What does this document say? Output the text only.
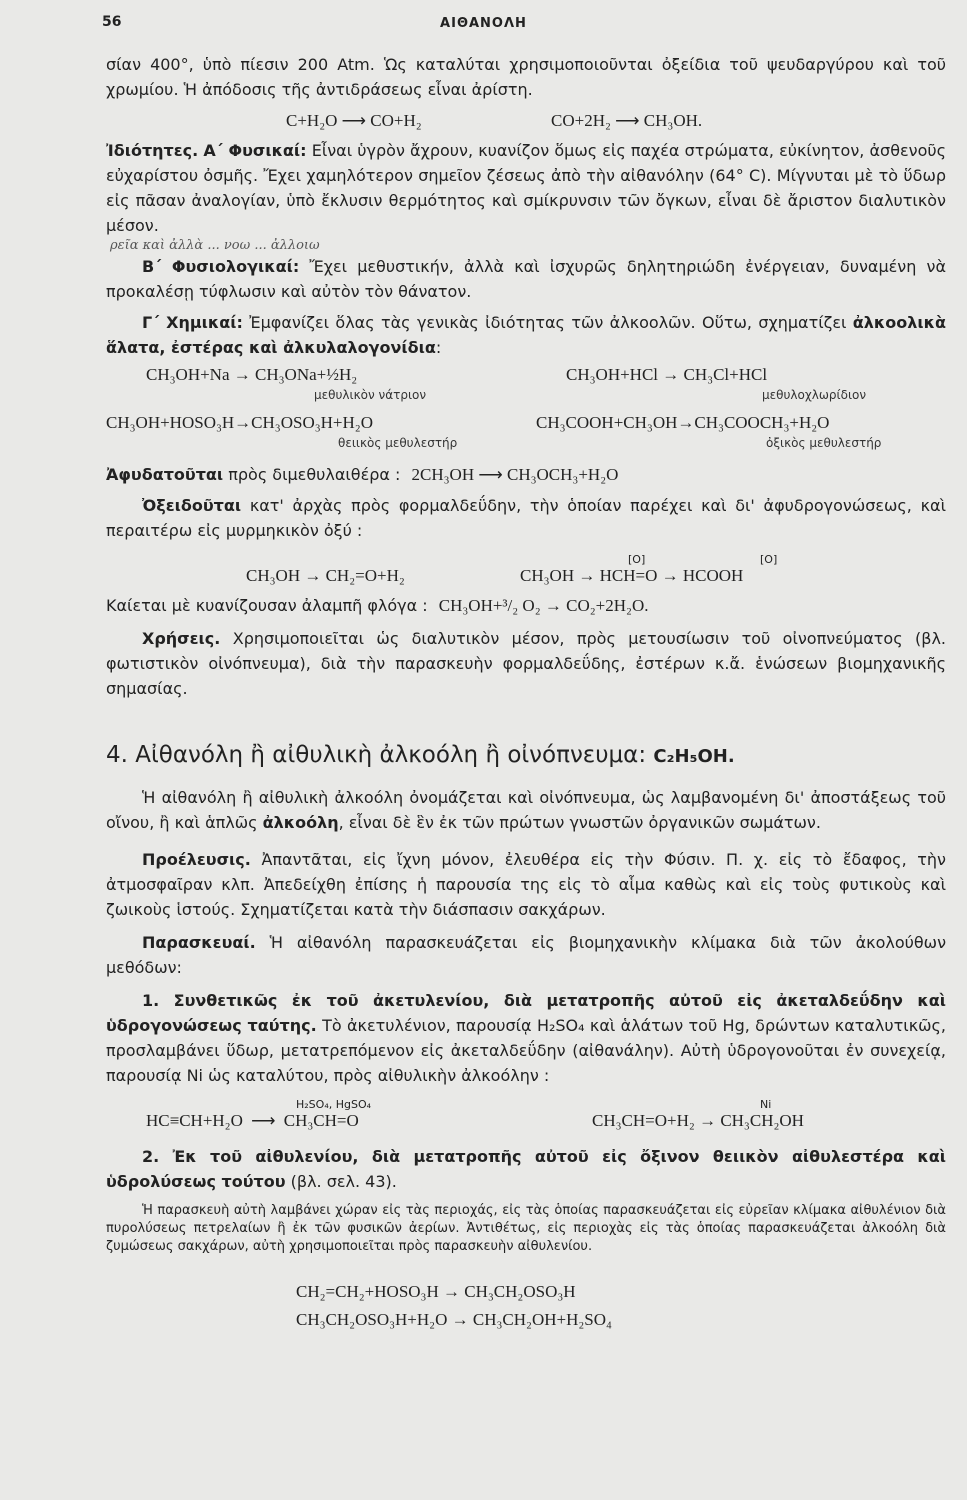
56	ΑΙΘΑΝΟΛΗ

σίαν 400°, ὑπὸ πίεσιν 200 Atm. Ὡς καταλύται χρησιμοποιοῦνται ὀξείδια τοῦ ψευδαργύρου καὶ τοῦ χρωμίου. Ἡ ἀπόδοσις τῆς ἀντιδράσεως εἶναι ἀρίστη.

C+H₂O ⟶ CO+H₂	CO+2H₂ ⟶ CH₃OH.

Ἰδιότητες. Α΄ Φυσικαί: Εἶναι ὑγρὸν ἄχρουν, κυανίζον ὅμως εἰς παχέα στρώματα, εὐκίνητον, ἀσθενοῦς εὐχαρίστου ὀσμῆς. Ἔχει χαμηλότερον σημεῖον ζέσεως ἀπὸ τὴν αἰθανόλην (64° C). Μίγνυται μὲ τὸ ὕδωρ εἰς πᾶσαν ἀναλογίαν, ὑπὸ ἔκλυσιν θερμότητος καὶ σμίκρυνσιν τῶν ὄγκων, εἶναι δὲ ἄριστον διαλυτικὸν μέσον.

ρεῖα καὶ ἀλλὰ ... νοω ... ἀλλοιω

Β΄ Φυσιολογικαί: Ἔχει μεθυστικήν, ἀλλὰ καὶ ἰσχυρῶς δηλητηριώδη ἐνέργειαν, δυναμένη νὰ προκαλέσῃ τύφλωσιν καὶ αὐτὸν τὸν θάνατον.

Γ΄ Χημικαί: Ἐμφανίζει ὅλας τὰς γενικὰς ἰδιότητας τῶν ἀλκοολῶν. Οὕτω, σχηματίζει ἀλκοολικὰ ἅλατα, ἐστέρας καὶ ἀλκυλαλογονίδια:

CH₃OH+Na → CH₃ONa+½H₂
μεθυλικὸν νάτριον
CH₃OH+HCl → CH₃Cl+HCl
μεθυλοχλωρίδιον
CH₃OH+HOSO₃H→CH₃OSO₃H+H₂O
θειικὸς μεθυλεστήρ
CH₃COOH+CH₃OH→CH₃COOCH₃+H₂O
ὀξικὸς μεθυλεστήρ

Ἀφυδατοῦται πρὸς διμεθυλαιθέρα : 2CH₃OH ⟶ CH₃OCH₃+H₂O

Ὀξειδοῦται κατ' ἀρχὰς πρὸς φορμαλδεΰδην, τὴν ὁποίαν παρέχει καὶ δι' ἀφυδρογονώσεως, καὶ περαιτέρω εἰς μυρμηκικὸν ὀξύ :

[O]	[O]
CH₃OH → CH₂=O+H₂	CH₃OH → HCH=O → HCOOH

Καίεται μὲ κυανίζουσαν ἀλαμπῆ φλόγα : CH₃OH+³/₂ O₂ → CO₂+2H₂O.

Χρήσεις. Χρησιμοποιεῖται ὡς διαλυτικὸν μέσον, πρὸς μετουσίωσιν τοῦ οἰνοπνεύματος (βλ. φωτιστικὸν οἰνόπνευμα), διὰ τὴν παρασκευὴν φορμαλδεΰδης, ἐστέρων κ.ἄ. ἑνώσεων βιομηχανικῆς σημασίας.

4. Αἰθανόλη ἢ αἰθυλικὴ ἀλκοόλη ἢ οἰνόπνευμα: C₂H₅OH.

Ἡ αἰθανόλη ἢ αἰθυλικὴ ἀλκοόλη ὀνομάζεται καὶ οἰνόπνευμα, ὡς λαμβανομένη δι' ἀποστάξεως τοῦ οἴνου, ἢ καὶ ἁπλῶς ἀλκοόλη, εἶναι δὲ ἓν ἐκ τῶν πρώτων γνωστῶν ὀργανικῶν σωμάτων.

Προέλευσις. Ἀπαντᾶται, εἰς ἴχνη μόνον, ἐλευθέρα εἰς τὴν Φύσιν. Π. χ. εἰς τὸ ἔδαφος, τὴν ἀτμοσφαῖραν κλπ. Ἀπεδείχθη ἐπίσης ἡ παρουσία της εἰς τὸ αἷμα καθὼς καὶ εἰς τοὺς φυτικοὺς καὶ ζωικοὺς ἱστούς. Σχηματίζεται κατὰ τὴν διάσπασιν σακχάρων.

Παρασκευαί. Ἡ αἰθανόλη παρασκευάζεται εἰς βιομηχανικὴν κλίμακα διὰ τῶν ἀκολούθων μεθόδων:

1. Συνθετικῶς ἐκ τοῦ ἀκετυλενίου, διὰ μετατροπῆς αὐτοῦ εἰς ἀκεταλδεΰδην καὶ ὑδρογονώσεως ταύτης. Τὸ ἀκετυλένιον, παρουσίᾳ H₂SO₄ καὶ ἁλάτων τοῦ Hg, δρώντων καταλυτικῶς, προσλαμβάνει ὕδωρ, μετατρεπόμενον εἰς ἀκεταλδεΰδην (αἰθανάλην). Αὐτὴ ὑδρογονοῦται ἐν συνεχείᾳ, παρουσίᾳ Ni ὡς καταλύτου, πρὸς αἰθυλικὴν ἀλκοόλην :

H₂SO₄, HgSO₄	Ni
HC≡CH+H₂O ⟶ CH₃CH=O	CH₃CH=O+H₂ → CH₃CH₂OH

2. Ἐκ τοῦ αἰθυλενίου, διὰ μετατροπῆς αὐτοῦ εἰς ὄξινον θειικὸν αἰθυλεστέρα καὶ ὑδρολύσεως τούτου (βλ. σελ. 43).

Ἡ παρασκευὴ αὐτὴ λαμβάνει χώραν εἰς τὰς περιοχάς, εἰς τὰς ὁποίας παρασκευάζεται εἰς εὐρεῖαν κλίμακα αἰθυλένιον διὰ πυρολύσεως πετρελαίων ἢ ἐκ τῶν φυσικῶν ἀερίων. Ἀντιθέτως, εἰς περιοχὰς εἰς τὰς ὁποίας παρασκευάζεται ἀλκοόλη διὰ ζυμώσεως σακχάρων, αὐτὴ χρησιμοποιεῖται πρὸς παρασκευὴν αἰθυλενίου.

CH₂=CH₂+HOSO₃H → CH₃CH₂OSO₃H
CH₃CH₂OSO₃H+H₂O → CH₃CH₂OH+H₂SO₄
